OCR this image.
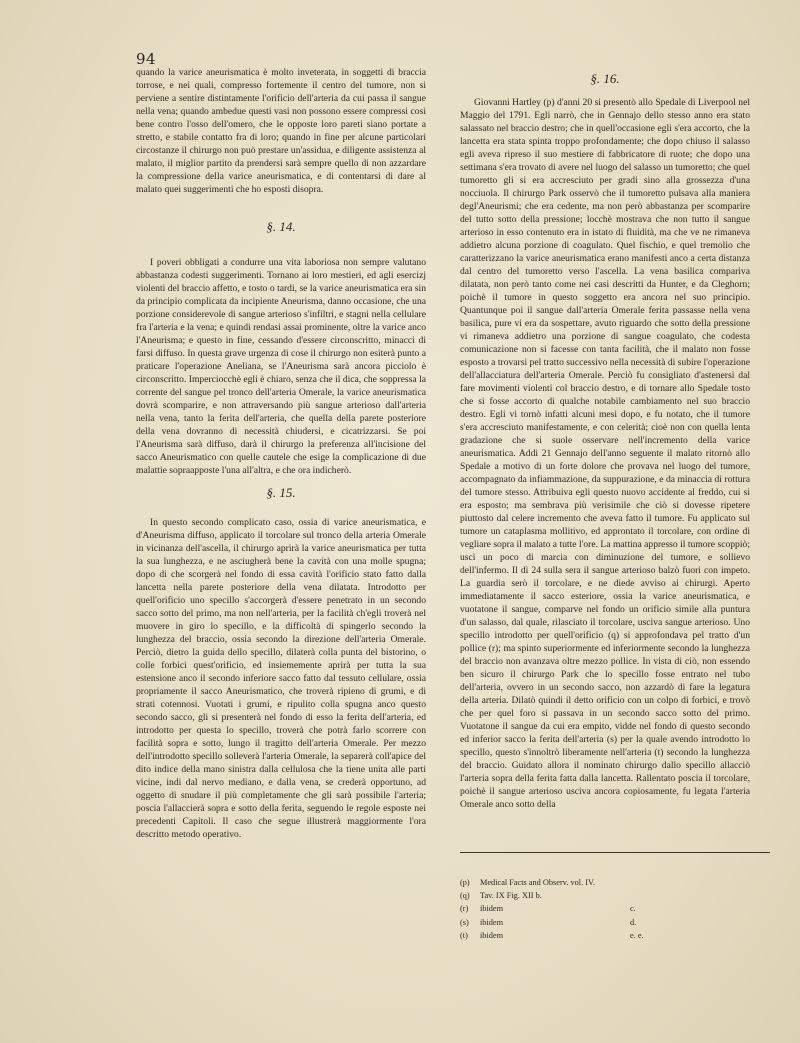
94

quando la varice aneurismatica è molto inveterata, in soggetti di braccia torrose, e nei quali, compresso fortemente il centro del tumore, non si perviene a sentire distintamente l'orificio dell'arteria da cui passa il sangue nella vena; quando ambedue questi vasi non possono essere compressi così bene contro l'osso dell'omero, che le opposte loro pareti siano portate a stretto, e stabile contatto fra di loro; quando in fine per alcune particolari circostanze il chirurgo non può prestare un'assidua, e diligente assistenza al malato, il miglior partito da prendersi sarà sempre quello di non azzardare la compressione della varice aneurismatica, e di contentarsi di dare al malato quei suggerimenti che ho esposti disopra.

§. 14.

I poveri obbligati a condurre una vita laboriosa non sempre valutano abbastanza codesti suggerimenti. Tornano ai loro mestieri, ed agli esercizj violenti del braccio affetto, e tosto o tardi, se la varice aneurismatica era sin da principio complicata da incipiente Aneurisma, danno occasione, che una porzione considerevole di sangue arterioso s'infiltri, e stagni nella cellulare fra l'arteria e la vena; e quindi rendasi assai prominente, oltre la varice anco l'Aneurisma; e questo in fine, cessando d'essere circonscritto, minacci di farsi diffuso. In questa grave urgenza di cose il chirurgo non esiterà punto a praticare l'operazione Aneliana, se l'Aneurisma sarà ancora picciolo è circonscritto. Imperciocchè egli è chiaro, senza che il dica, che soppressa la corrente del sangue pel tronco dell'arteria Omerale, la varice aneurismatica dovrà scomparire, e non attraversando più sangue arterioso dall'arteria nella vena, tanto la ferita dell'arteria, che quella della parete posteriore della vena dovranno di necessità chiudersi, e cicatrizzarsi. Se poi l'Aneurisma sarà diffuso, darà il chirurgo la preferenza all'incisione del sacco Aneurismatico con quelle cautele che esige la complicazione di due malattie sopraapposte l'una all'altra, e che ora indicherò.

§. 15.

In questo secondo complicato caso, ossia di varice aneurismatica, e d'Aneurisma diffuso, applicato il torcolare sul tronco della arteria Omerale in vicinanza dell'ascella, il chirurgo aprirà la varice aneurismatica per tutta la sua lunghezza, e ne asciugherà bene la cavità con una molle spugna; dopo di che scorgerà nel fondo di essa cavità l'orificio stato fatto dalla lancetta nella parete posteriore della vena dilatata. Introdotto per quell'orificio uno specillo s'accorgerà d'essere penetrato in un secondo sacco sotto del primo, ma non nell'arteria, per la facilità ch'egli troverà nel muovere in giro lo specillo, e la difficoltà di spingerlo secondo la lunghezza del braccio, ossia secondo la direzione dell'arteria Omerale. Perciò, dietro la guida dello specillo, dilaterà colla punta del bistorino, o colle forbici quest'orificio, ed insiememente aprirà per tutta la sua estensione anco il secondo inferiore sacco fatto dal tessuto cellulare, ossia propriamente il sacco Aneurismatico, che troverà ripieno di grumi, e di strati cotennosi. Vuotati i grumi, e ripulito colla spugna anco questo secondo sacco, gli si presenterà nel fondo di esso la ferita dell'arteria, ed introdotto per questa lo specillo, troverà che potrà farlo scorrere con facilità sopra e sotto, lungo il tragitto dell'arteria Omerale. Per mezzo dell'introdotto specillo solleverà l'arteria Omerale, la separerà coll'apice del dito indice della mano sinistra dalla cellulosa che la tiene unita alle parti vicine, indi dal nervo mediano, e dalla vena, se crederà opportuno, ad oggetto di snudare il più completamente che gli sarà possibile l'arteria; poscia l'allaccierà sopra e sotto della ferita, seguendo le regole esposte nei precedenti Capitoli. Il caso che segue illustrerà maggiormente l'ora descritto metodo operativo.

§. 16.

Giovanni Hartley (p) d'anni 20 si presentò allo Spedale di Liverpool nel Maggio del 1791. Egli narrò, che in Gennajo dello stesso anno era stato salassato nel braccio destro; che in quell'occasione egli s'era accorto, che la lancetta era stata spinta troppo profondamente; che dopo chiuso il salasso egli aveva ripreso il suo mestiere di fabbricatore di ruote; che dopo una settimana s'era trovato di avere nel luogo del salasso un tumoretto; che quel tumoretto gli si era accresciuto per gradi sino alla grossezza d'una nocciuola. Il chirurgo Park osservò che il tumoretto pulsava alla maniera degl'Aneurismi; che era cedente, ma non però abbastanza per scomparire del tutto sotto della pressione; locchè mostrava che non tutto il sangue arterioso in esso contenuto era in istato di fluidità, ma che ve ne rimaneva addietro alcuna porzione di coagulato. Quel fischio, e quel tremolio che caratterizzano la varice aneurismatica erano manifesti anco a certa distanza dal centro del tumoretto verso l'ascella. La vena basilica compariva dilatata, non però tanto come nei casi descritti da Hunter, e da Cleghorn; poichè il tumore in questo soggetto era ancora nel suo principio. Quantunque poi il sangue dall'arteria Omerale ferita passasse nella vena basilica, pure vi era da sospettare, avuto riguardo che sotto della pressione vi rimaneva addietro una porzione di sangue coagulato, che codesta comunicazione non si facesse con tanta facilità, che il malato non fosse esposto a trovarsi pel tratto successivo nella necessità di subire l'operazione dell'allacciatura dell'arteria Omerale. Perciò fu consigliato d'astenersi dal fare movimenti violenti col braccio destro, e di tornare allo Spedale tosto che si fosse accorto di qualche notabile cambiamento nel suo braccio destro. Egli vi tornò infatti alcuni mesi dopo, e fu notato, che il tumore s'era accresciuto manifestamente, e con celerità; cioè non con quella lenta gradazione che si suole osservare nell'incremento della varice aneurismatica. Addì 21 Gennajo dell'anno seguente il malato ritornò allo Spedale a motivo di un forte dolore che provava nel luogo del tumore, accompagnato da infiammazione, da suppurazione, e da minaccia di rottura del tumore stesso. Attribuiva egli questo nuovo accidente al freddo, cui si era esposto; ma sembrava più verisimile che ciò si dovesse ripetere piuttosto dal celere incremento che aveva fatto il tumore. Fu applicato sul tumore un cataplasma mollitivo, ed approntato il torcolare, con ordine di vegliare sopra il malato a tutte l'ore. La mattina appresso il tumore scoppiò; uscì un poco di marcia con diminuzione del tumore, e sollievo dell'infermo. Il dì 24 sulla sera il sangue arterioso balzò fuori con impeto. La guardia serò il torcolare, e ne diede avviso ai chirurgi. Aperto immediatamente il sacco esteriore, ossia la varice aneurismatica, e vuotatone il sangue, comparve nel fondo un orificio simile alla puntura d'un salasso, dal quale, rilasciato il torcolare, usciva sangue arterioso. Uno specillo introdotto per quell'orificio (q) si approfondava pel tratto d'un pollice (r); ma spinto superiormente ed inferiormente secondo la lunghezza del braccio non avanzava oltre mezzo pollice. In vista di ciò, non essendo ben sicuro il chirurgo Park che lo specillo fosse entrato nel tubo dell'arteria, ovvero in un secondo sacco, non azzardò di fare la legatura della arteria. Dilatò quindi il detto orificio con un colpo di forbici, e trovò che per quel foro si passava in un secondo sacco sotto del primo. Vuotatone il sangue da cui era empito, vidde nel fondo di questo secondo ed inferior sacco la ferita dell'arteria (s) per la quale avendo introdotto lo specillo, questo s'innoltrò liberamente nell'arteria (t) secondo la lunghezza del braccio. Guidato allora il nominato chirurgo dallo specillo allacciò l'arteria sopra della ferita fatta dalla lancetta. Rallentato poscia il torcolare, poichè il sangue arterioso usciva ancora copiosamente, fu legata l'arteria Omerale anco sotto della

(p)	Medical Facts and Observ. vol. IV.
(q)	Tav. IX Fig. XII b.
(r)	ibidem	c.
(s)	ibidem	d.
(t)	ibidem	e. e.
